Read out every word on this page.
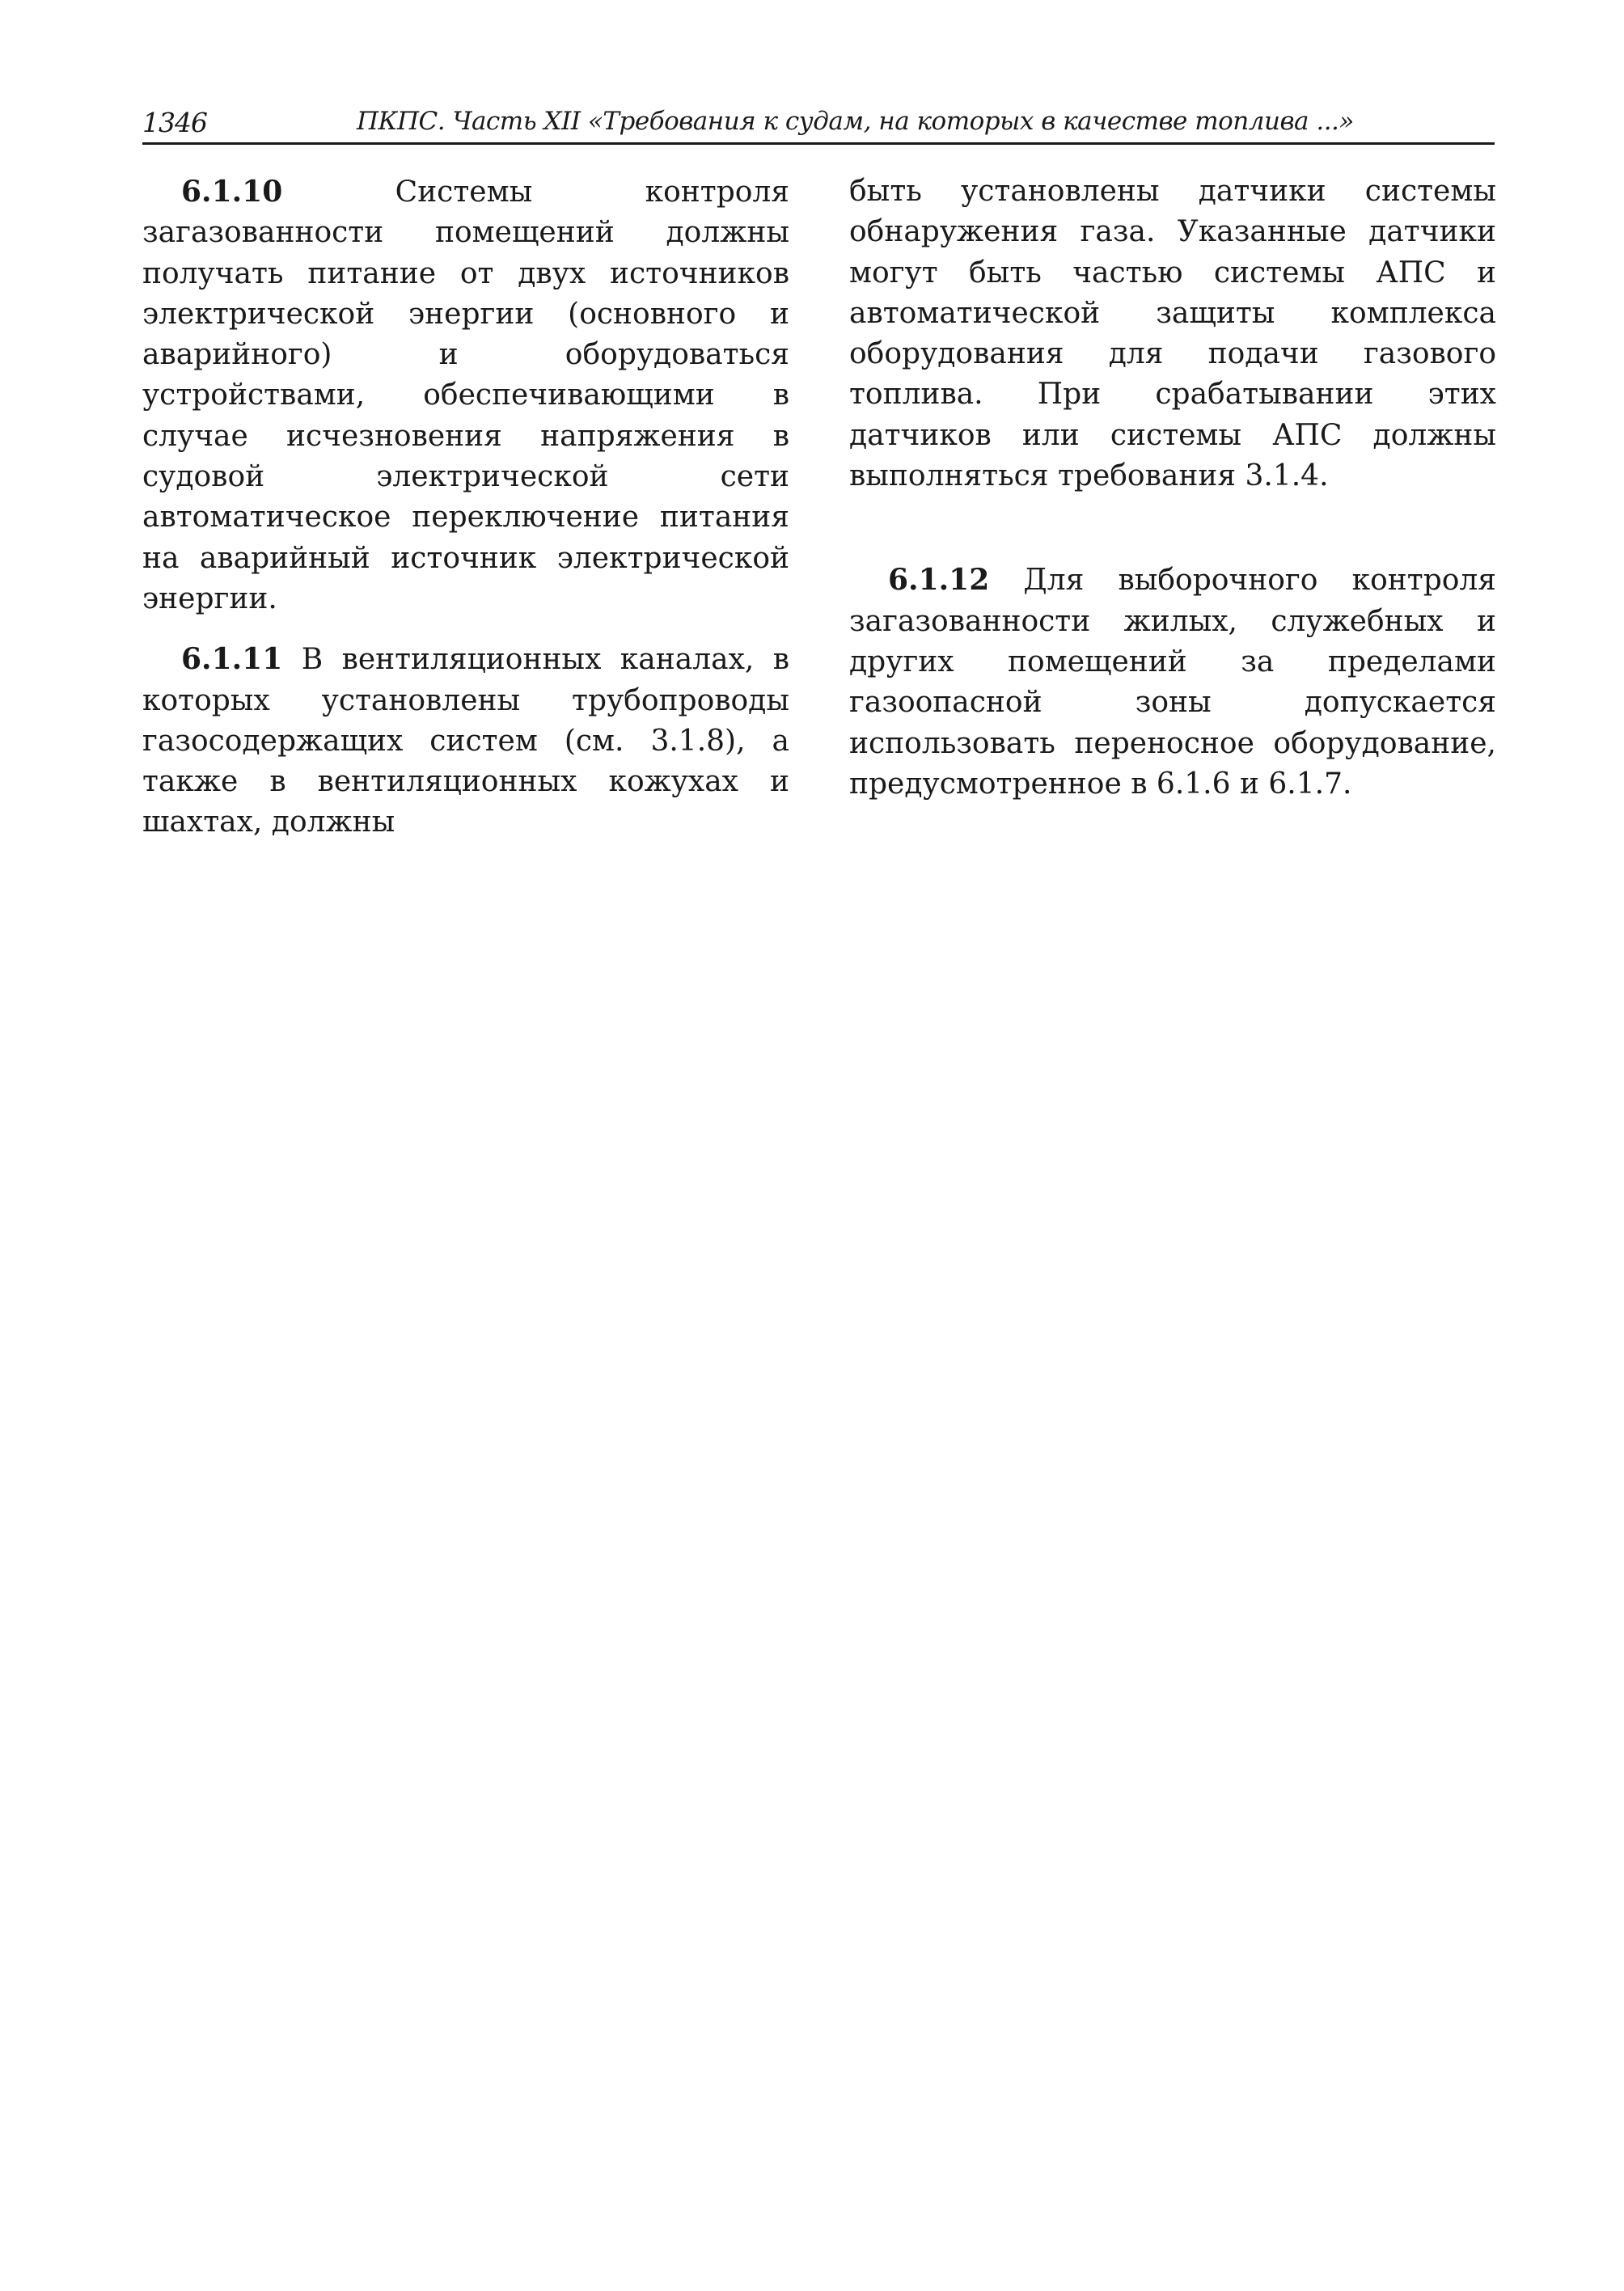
1346	ПКПС. Часть XII «Требования к судам, на которых в качестве топлива ...»

6.1.10 Системы контроля загазованности помещений должны получать питание от двух источников электрической энергии (основного и аварийного) и оборудоваться устройствами, обеспечивающими в случае исчезновения напряжения в судовой электрической сети автоматическое переключение питания на аварийный источник электрической энергии.

6.1.11 В вентиляционных каналах, в которых установлены трубопроводы газосодержащих систем (см. 3.1.8), а также в вентиляционных кожухах и шахтах, должны

быть установлены датчики системы обнаружения газа. Указанные датчики могут быть частью системы АПС и автоматической защиты комплекса оборудования для подачи газового топлива. При срабатывании этих датчиков или системы АПС должны выполняться требования 3.1.4.

6.1.12 Для выборочного контроля загазованности жилых, служебных и других помещений за пределами газоопасной зоны допускается использовать переносное оборудование, предусмотренное в 6.1.6 и 6.1.7.
